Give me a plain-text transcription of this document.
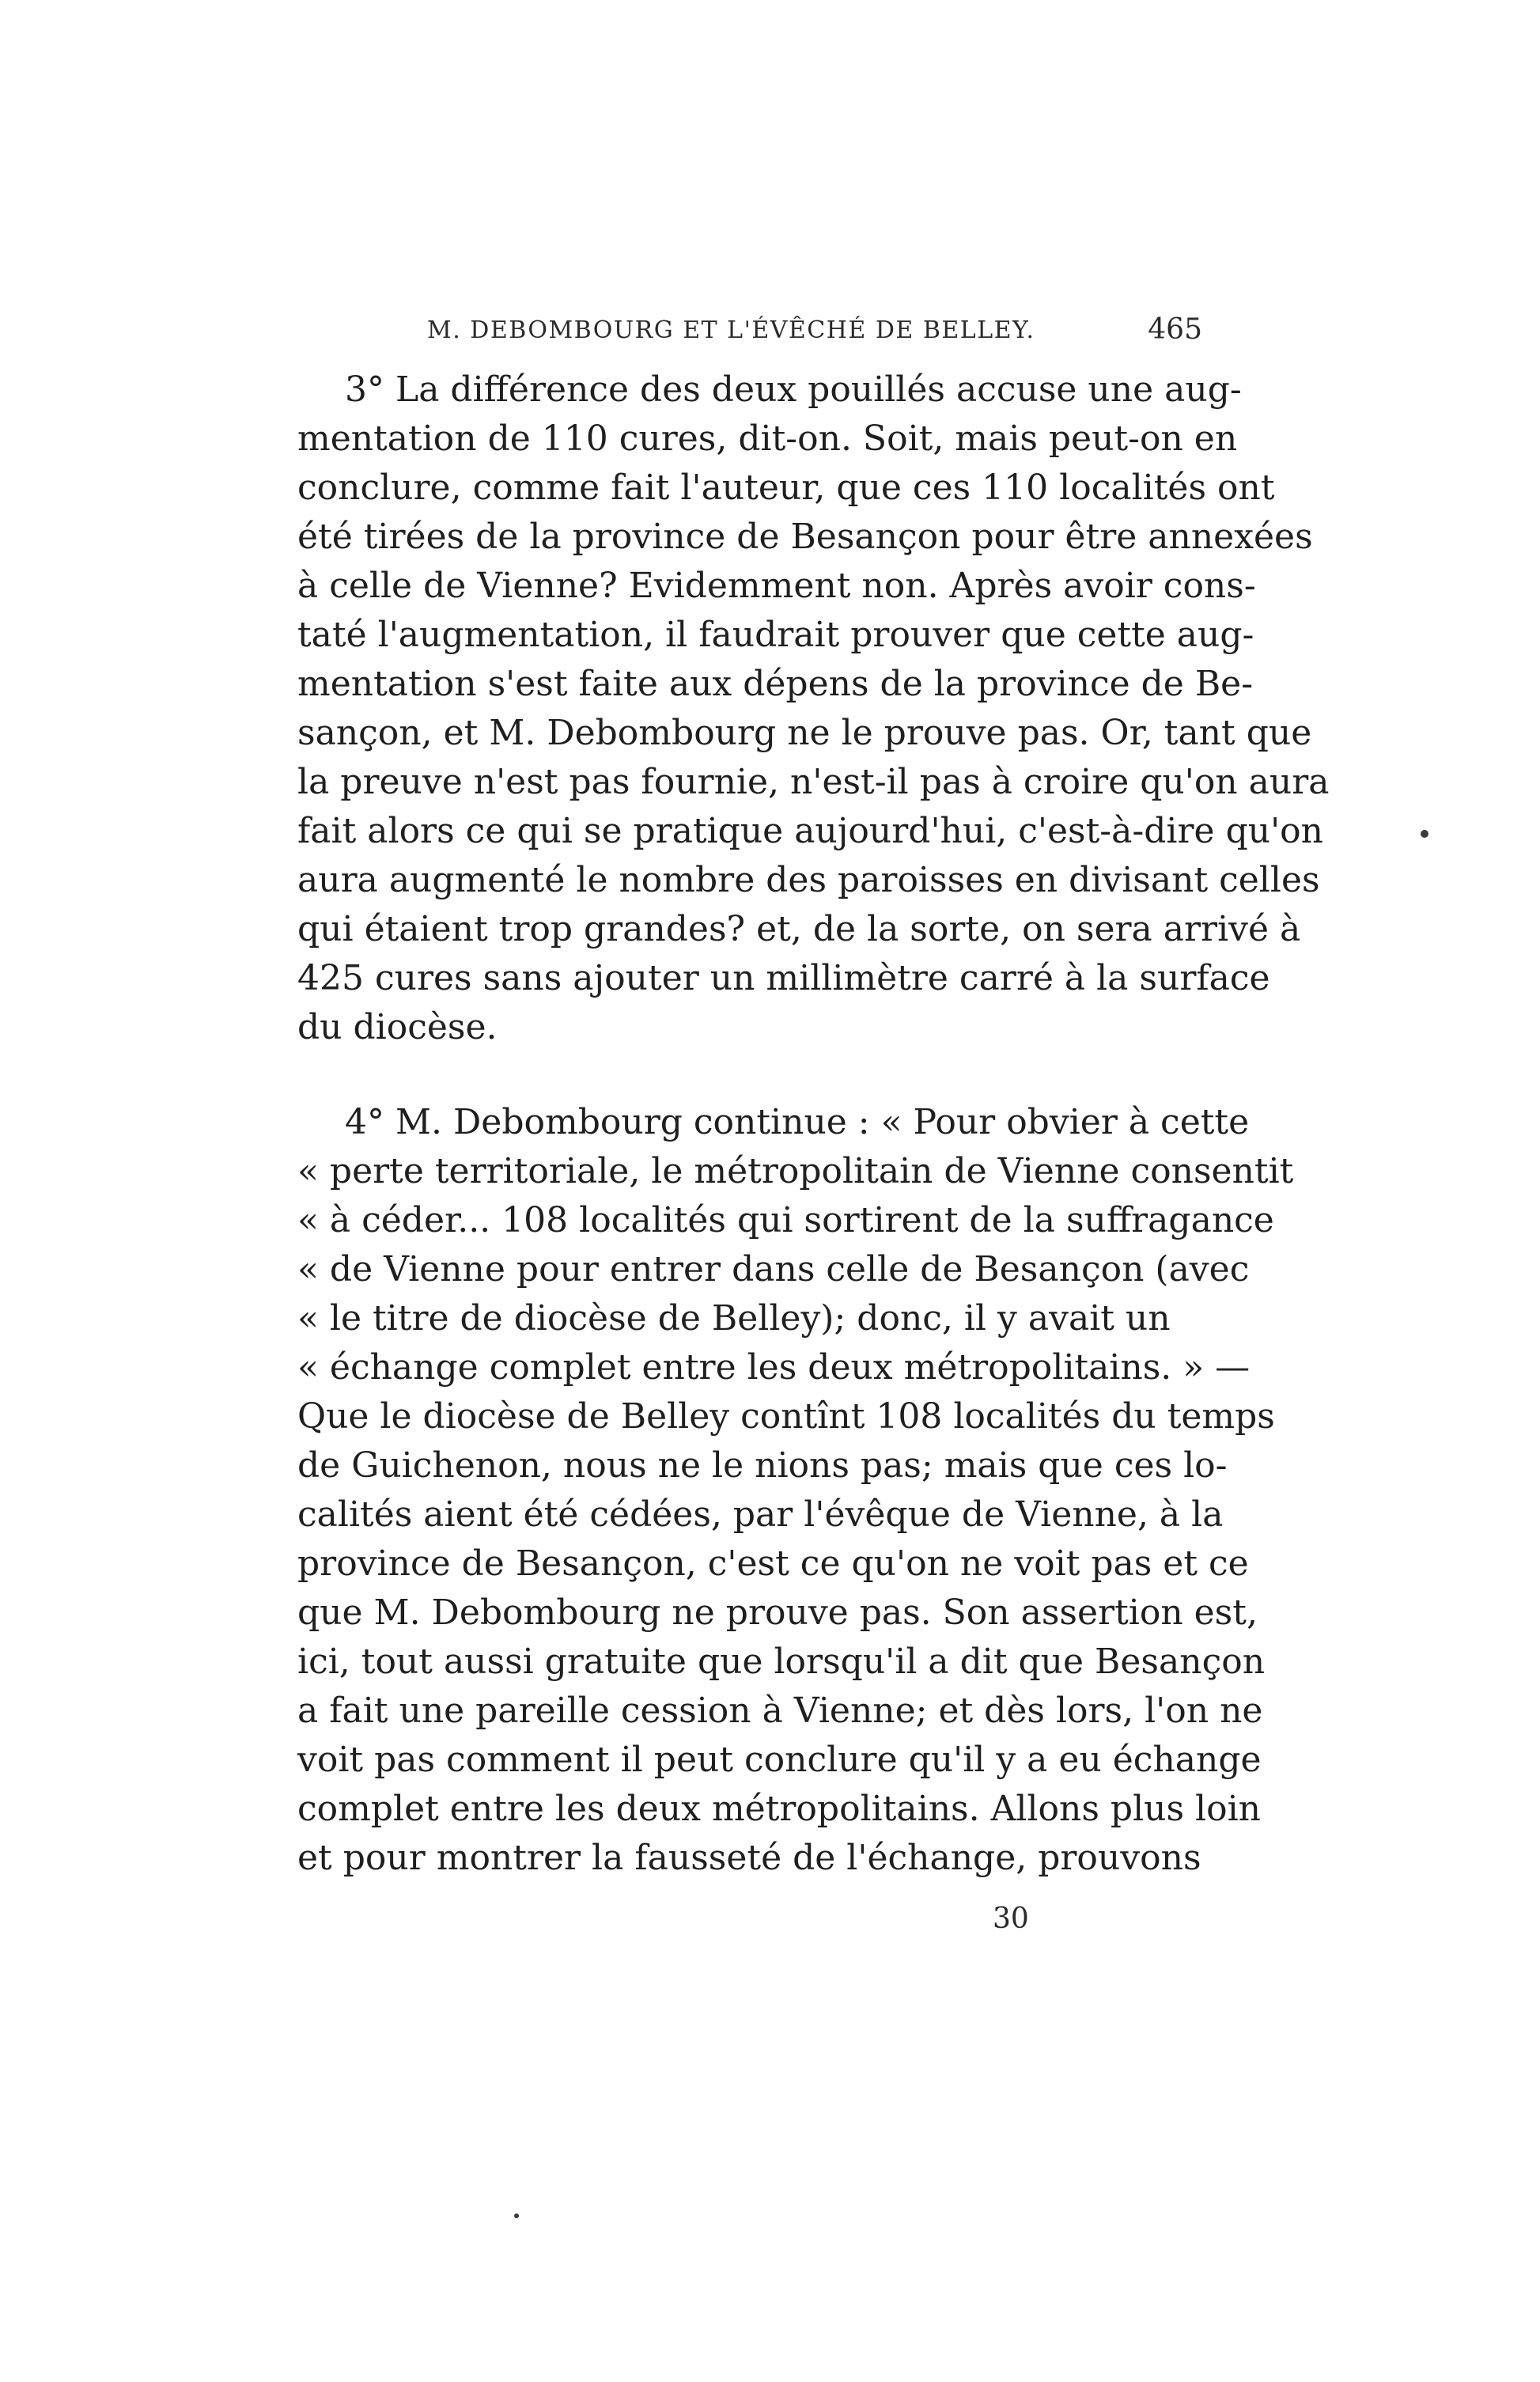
M. DEBOMBOURG ET L'ÉVÊCHÉ DE BELLEY.	465
3° La différence des deux pouillés accuse une aug-
mentation de 110 cures, dit-on. Soit, mais peut-on en
conclure, comme fait l'auteur, que ces 110 localités ont
été tirées de la province de Besançon pour être annexées
à celle de Vienne? Evidemment non. Après avoir cons-
taté l'augmentation, il faudrait prouver que cette aug-
mentation s'est faite aux dépens de la province de Be-
sançon, et M. Debombourg ne le prouve pas. Or, tant que
la preuve n'est pas fournie, n'est-il pas à croire qu'on aura
fait alors ce qui se pratique aujourd'hui, c'est-à-dire qu'on
aura augmenté le nombre des paroisses en divisant celles
qui étaient trop grandes? et, de la sorte, on sera arrivé à
425 cures sans ajouter un millimètre carré à la surface
du diocèse.
4° M. Debombourg continue : « Pour obvier à cette
« perte territoriale, le métropolitain de Vienne consentit
« à céder... 108 localités qui sortirent de la suffragance
« de Vienne pour entrer dans celle de Besançon (avec
« le titre de diocèse de Belley); donc, il y avait un
« échange complet entre les deux métropolitains. » —
Que le diocèse de Belley contînt 108 localités du temps
de Guichenon, nous ne le nions pas; mais que ces lo-
calités aient été cédées, par l'évêque de Vienne, à la
province de Besançon, c'est ce qu'on ne voit pas et ce
que M. Debombourg ne prouve pas. Son assertion est,
ici, tout aussi gratuite que lorsqu'il a dit que Besançon
a fait une pareille cession à Vienne; et dès lors, l'on ne
voit pas comment il peut conclure qu'il y a eu échange
complet entre les deux métropolitains. Allons plus loin
et pour montrer la fausseté de l'échange, prouvons
30
